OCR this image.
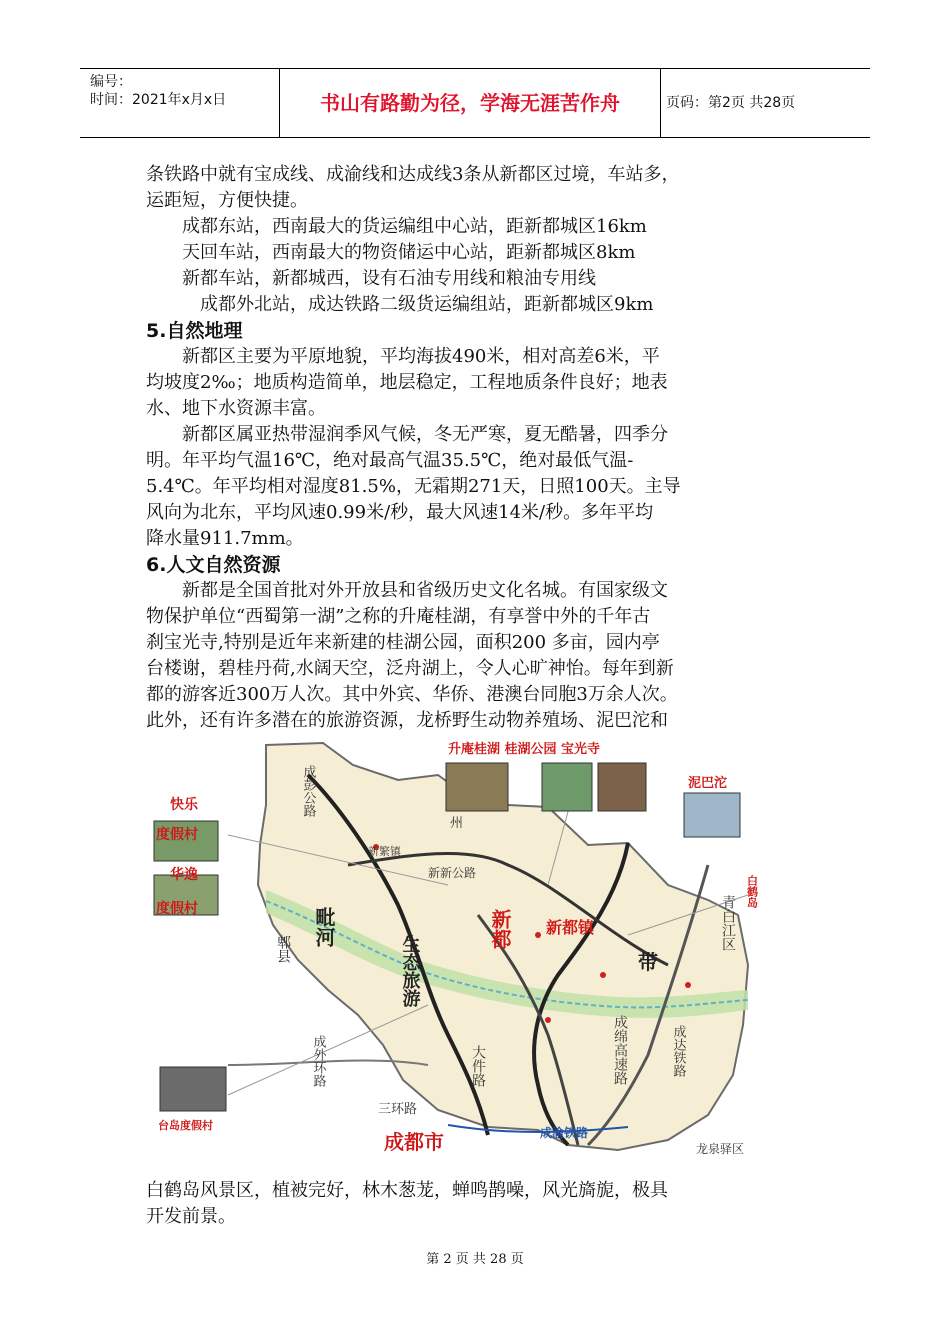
编号：
时间：2021年x月x日	书山有路勤为径，学海无涯苦作舟	页码：第2页 共28页
条铁路中就有宝成线、成渝线和达成线3条从新都区过境，车站多，
运距短，方便快捷。
　　成都东站，西南最大的货运编组中心站，距新都城区16km
　　天回车站，西南最大的物资储运中心站，距新都城区8km
　　新都车站，新都城西，设有石油专用线和粮油专用线
　　　成都外北站，成达铁路二级货运编组站，距新都城区9km
5.自然地理
　　新都区主要为平原地貌，平均海拔490米，相对高差6米，平
均坡度2‰；地质构造简单，地层稳定，工程地质条件良好；地表
水、地下水资源丰富。
　　新都区属亚热带湿润季风气候，冬无严寒，夏无酷暑，四季分
明。年平均气温16℃，绝对最高气温35.5℃，绝对最低气温-
5.4℃。年平均相对湿度81.5%，无霜期271天，日照100天。主导
风向为北东，平均风速0.99米/秒，最大风速14米/秒。多年平均
降水量911.7mm。
6.人文自然资源
　　新都是全国首批对外开放县和省级历史文化名城。有国家级文
物保护单位“西蜀第一湖”之称的升庵桂湖，有享誉中外的千年古
刹宝光寺,特别是近年来新建的桂湖公园，面积200 多亩，园内亭
台楼谢，碧桂丹荷,水阔天空，泛舟湖上，令人心旷神怡。每年到新
都的游客近300万人次。其中外宾、华侨、港澳台同胞3万余人次。
此外，还有许多潜在的旅游资源，龙桥野生动物养殖场、泥巴沱和
升庵桂湖 桂湖公园 宝光寺
泥巴沱
快乐
度假村
华逸
度假村
白鹤岛
台岛度假村
成都市	成渝铁路
龙泉驿区
新繁镇
新新公路
郫县
毗河
生态旅游
新都 新都镇	青白江区
成彭公路
成外环路	大件路	成达铁路
成绵高速路
三环路
州
带
白鹤岛风景区，植被完好，林木葱茏，蝉鸣鹊噪，风光旖旎，极具
开发前景。
第 2 页 共 28 页
